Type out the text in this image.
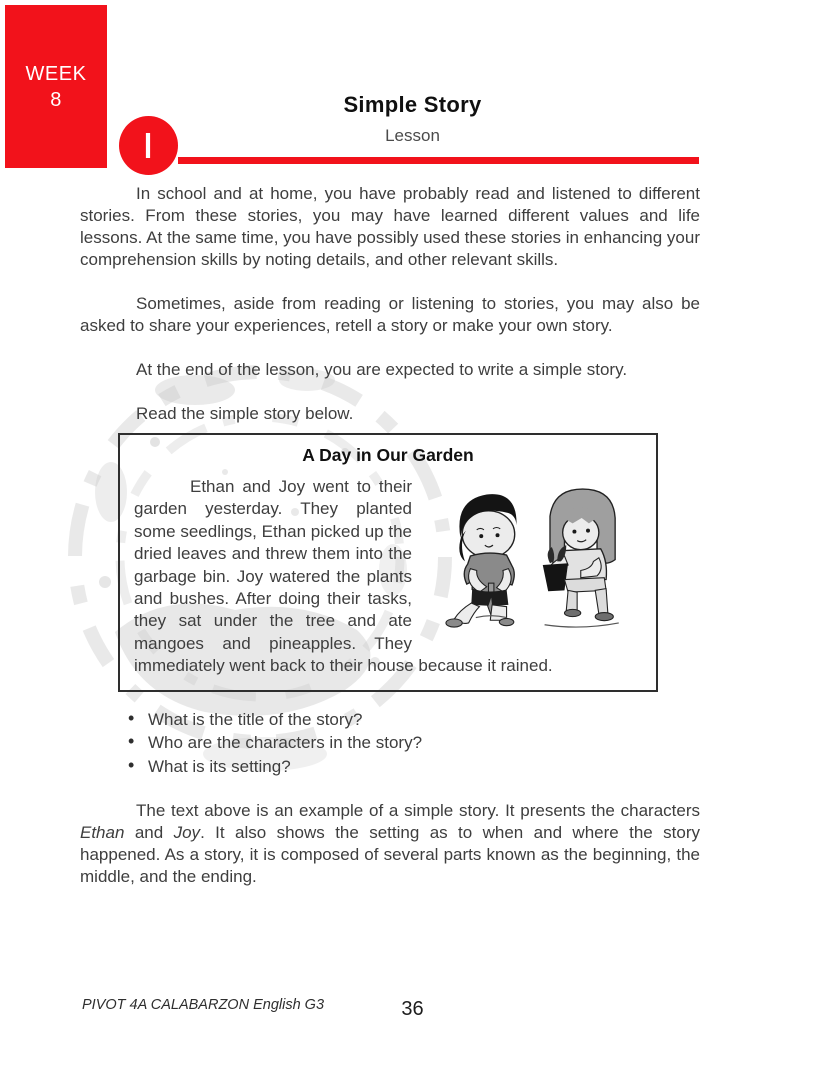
WEEK
8	Simple Story
Lesson
I

In school and at home, you have probably read and listened to different stories. From these stories, you may have learned different values and life lessons. At the same time, you have possibly used these stories in enhancing your comprehension skills by noting details, and other relevant skills.

Sometimes, aside from reading or listening to stories, you may also be asked to share your experiences, retell a story or make your own story.

At the end of the lesson, you are expected to write a simple story.

Read the simple story below.

A Day in Our Garden

Ethan and Joy went to their garden yesterday. They planted some seedlings, Ethan picked up the dried leaves and threw them into the garbage bin. Joy watered the plants and bushes. After doing their tasks, they sat under the tree and ate mangoes and pineapples. They immediately went back to their house because it rained.

• What is the title of the story?
• Who are the characters in the story?
• What is its setting?

The text above is an example of a simple story. It presents the characters Ethan and Joy. It also shows the setting as to when and where the story happened. As a story, it is composed of several parts known as the beginning, the middle, and the ending.

PIVOT 4A CALABARZON English G3	36
